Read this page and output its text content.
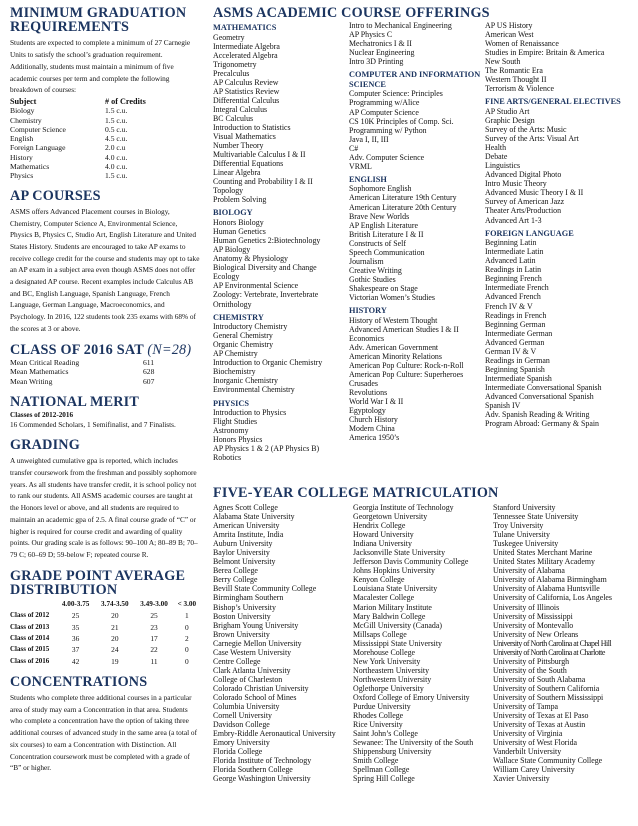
MINIMUM GRADUATION REQUIREMENTS
Students are expected to complete a minimum of 27 Carnegie Units to satisfy the school’s graduation requirement. Additionally, students must maintain a minimum of five academic courses per term and complete the following breakdown of courses:
Subject	# of Credits
Biology	1.5 c.u.
Chemistry	1.5 c.u.
Computer Science	0.5 c.u.
English	4.5 c.u.
Foreign Language	2.0 c.u
History	4.0 c.u.
Mathematics	4.0 c.u.
Physics	1.5 c.u.
AP COURSES
ASMS offers Advanced Placement courses in Biology, Chemistry, Computer Science A, Environmental Science, Physics B, Physics C, Studio Art, English Literature and United States History. Students are encouraged to take AP exams to receive college credit for the course and students may opt to take an AP exam in a subject area even though ASMS does not offer a designated AP course. Recent examples include Calculus AB and BC, English Language, Spanish Language, French Language, German Language, Macroeconomics, and Psychology. In 2016, 122 students took 235 exams with 68% of the scores at 3 or above.
CLASS OF 2016 SAT (N=28)
Mean Critical Reading	611
Mean Mathematics	628
Mean Writing	607
NATIONAL MERIT
Classes of 2012-2016
16 Commended Scholars, 1 Semifinalist, and 7 Finalists.
GRADING
A unweighted cumulative gpa is reported, which includes transfer coursework from the freshman and possibly sophomore years. As all students have transfer credit, it is school policy not to rank our students. All ASMS academic courses are taught at the Honors level or above, and all students are required to maintain an academic gpa of 2.5. A final course grade of “C” or higher is required for course credit and awarding of quality points. Our grading scale is as follows: 90–100 A; 80–89 B; 70–79 C; 60–69 D; 59-below F; repeated course R.
GRADE POINT AVERAGE DISTRIBUTION
	4.00-3.75	3.74-3.50	3.49-3.00	< 3.00
Class of 2012	25	20	25	1
Class of 2013	35	21	23	0
Class of 2014	36	20	17	2
Class of 2015	37	24	22	0
Class of 2016	42	19	11	0
CONCENTRATIONS
Students who complete three additional courses in a particular area of study may earn a Concentration in that area. Students who complete a concentration have the option of taking three additional courses of advanced study in the same area (a total of six courses) to earn a Concentration with Distinction. All Concentration coursework must be completed with a grade of “B” or higher.
ASMS ACADEMIC COURSE OFFERINGS
MATHEMATICS
Geometry
Intermediate Algebra
Accelerated Algebra
Trigonometry
Precalculus
AP Calculus Review
AP Statistics Review
Differential Calculus
Integral Calculus
BC Calculus
Introduction to Statistics
Visual Mathematics
Number Theory
Multivariable Calculus I & II
Differential Equations
Linear Algebra
Counting and Probability I & II
Topology
Problem Solving
BIOLOGY
Honors Biology
Human Genetics
Human Genetics 2:Biotechnology
AP Biology
Anatomy & Physiology
Biological Diversity and Change
Ecology
AP Environmental Science
Zoology: Vertebrate, Invertebrate
Ornithology
CHEMISTRY
Introductory Chemistry
General Chemistry
Organic Chemistry
AP Chemistry
Introduction to Organic Chemistry
Biochemistry
Inorganic Chemistry
Environmental Chemistry
PHYSICS
Introduction to Physics
Flight Studies
Astronomy
Honors Physics
AP Physics 1 & 2 (AP Physics B)
Robotics
Intro to Mechanical Engineering
AP Physics C
Mechatronics I & II
Nuclear Engineering
Intro 3D Printing
COMPUTER AND INFORMATION SCIENCE
Computer Science: Principles
Programming w/Alice
AP Computer Science
CS 10K Principles of Comp. Sci.
Programming w/ Python
Java I, II, III
C#
Adv. Computer Science
VRML
ENGLISH
Sophomore English
American Literature 19th Century
American Literature 20th Century
Brave New Worlds
AP English Literature
British Literature I & II
Constructs of Self
Speech Communication
Journalism
Creative Writing
Gothic Studies
Shakespeare on Stage
Victorian Women’s Studies
HISTORY
History of Western Thought
Advanced American Studies I & II
Economics
Adv. American Government
American Minority Relations
American Pop Culture: Rock-n-Roll
American Pop Culture: Superheroes
Crusades
Revolutions
World War I & II
Egyptology
Church History
Modern China
America 1950’s
AP US History
American West
Women of Renaissance
Studies in Empire: Britain & America
New South
The Romantic Era
Western Thought II
Terrorism & Violence
FINE ARTS/GENERAL ELECTIVES
AP Studio Art
Graphic Design
Survey of the Arts: Music
Survey of the Arts: Visual Art
Health
Debate
Linguistics
Advanced Digital Photo
Intro Music Theory
Advanced Music Theory I & II
Survey of American Jazz
Theater Arts/Production
Advanced Art 1-3
FOREIGN LANGUAGE
Beginning Latin
Intermediate Latin
Advanced Latin
Readings in Latin
Beginning French
Intermediate French
Advanced French
French IV & V
Readings in French
Beginning German
Intermediate German
Advanced German
German IV & V
Readings in German
Beginning Spanish
Intermediate Spanish
Intermediate Conversational Spanish
Advanced Conversational Spanish
Spanish IV
Adv. Spanish Reading & Writing
Program Abroad: Germany & Spain
FIVE-YEAR COLLEGE MATRICULATION
Agnes Scott College
Alabama State University
American University
Amrita Institute, India
Auburn University
Baylor University
Belmont University
Berea College
Berry College
Bevill State Community College
Birmingham Southern
Bishop’s University
Boston University
Brigham Young University
Brown University
Carnegie Mellon University
Case Western University
Centre College
Clark Atlanta University
College of Charleston
Colorado Christian University
Colorado School of Mines
Columbia University
Cornell University
Davidson College
Embry-Riddle Aeronautical University
Emory University
Florida College
Florida Institute of Technology
Florida Southern College
George Washington University
Georgia Institute of Technology
Georgetown University
Hendrix College
Howard University
Indiana University
Jacksonville State University
Jefferson Davis Community College
Johns Hopkins University
Kenyon College
Louisiana State University
Macalester College
Marion Military Institute
Mary Baldwin College
McGill University (Canada)
Millsaps College
Mississippi State University
Morehouse College
New York University
Northeastern University
Northwestern University
Oglethorpe University
Oxford College of Emory University
Purdue University
Rhodes College
Rice University
Saint John’s College
Sewanee: The University of the South
Shippensburg University
Smith College
Spellman College
Spring Hill College
Stanford University
Tennessee State University
Troy University
Tulane University
Tuskegee University
United States Merchant Marine
United States Military Academy
University of Alabama
University of Alabama Birmingham
University of Alabama Huntsville
University of California, Los Angeles
University of Illinois
University of Mississippi
University of Montevallo
University of New Orleans
University of North Carolina at Chapel Hill
University of North Carolina at Charlotte
University of Pittsburgh
University of the South
University of South Alabama
University of Southern California
University of Southern Mississippi
University of Tampa
University of Texas at El Paso
University of Texas at Austin
University of Virginia
University of West Florida
Vanderbilt University
Wallace State Community College
William Carey University
Xavier University
